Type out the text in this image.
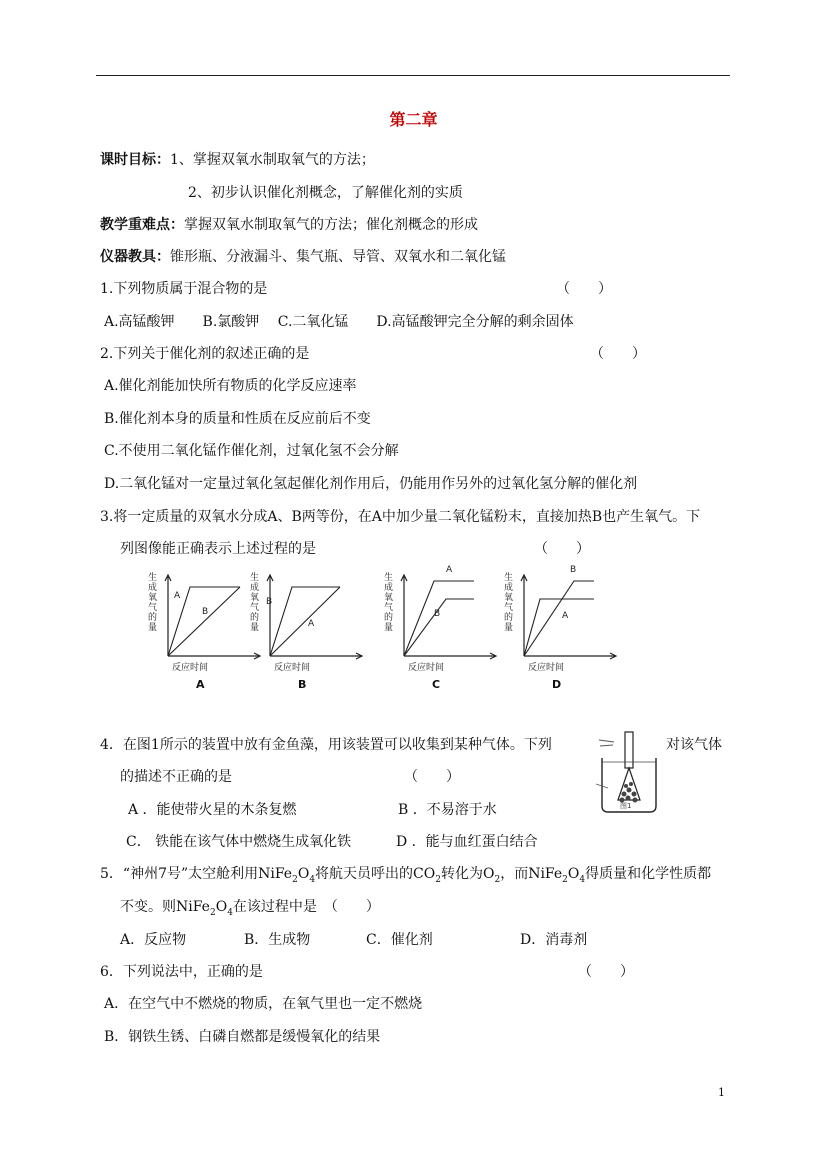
第二章
课时目标：1、掌握双氧水制取氧气的方法；
2、初步认识催化剂概念，了解催化剂的实质
教学重难点：掌握双氧水制取氧气的方法；催化剂概念的形成
仪器教具：锥形瓶、分液漏斗、集气瓶、导管、双氧水和二氧化锰
1.下列物质属于混合物的是	（　　）
A.高锰酸钾　　B.氯酸钾　 C.二氧化锰　　D.高锰酸钾完全分解的剩余固体
2.下列关于催化剂的叙述正确的是	（　　）
A.催化剂能加快所有物质的化学反应速率
B.催化剂本身的质量和性质在反应前后不变
C.不使用二氧化锰作催化剂，过氧化氢不会分解
D.二氧化锰对一定量过氧化氢起催化剂作用后，仍能用作另外的过氧化氢分解的催化剂
3.将一定质量的双氧水分成A、B两等份，在A中加少量二氧化锰粉末，直接加热B也产生氧气。下
列图像能正确表示上述过程的是	（　　）
生成氧气的量
反应时间
A
B
A
生成氧气的量
反应时间
A
B
B
生成氧气的量
反应时间
A
B
C
生成氧气的量
反应时间
A
B
D
4．在图1所示的装置中放有金鱼藻，用该装置可以收集到某种气体。下列	对该气体
的描述不正确的是	（　　）
A ．能使带火星的木条复燃	B ．不易溶于水
C． 铁能在该气体中燃烧生成氧化铁	D ．能与血红蛋白结合
图1
5．“神州7号”太空舱利用$NiFe_2O_4$将航天员呼出的$CO_2$转化为$O_2$，而$NiFe_2O_4$得质量和化学性质都
不变。则$NiFe_2O_4$在该过程中是　（　　）
A．反应物	B．生成物	C．催化剂	D．消毒剂
6．下列说法中，正确的是	（　　）
A．在空气中不燃烧的物质，在氧气里也一定不燃烧
B．钢铁生锈、白磷自燃都是缓慢氧化的结果
1
